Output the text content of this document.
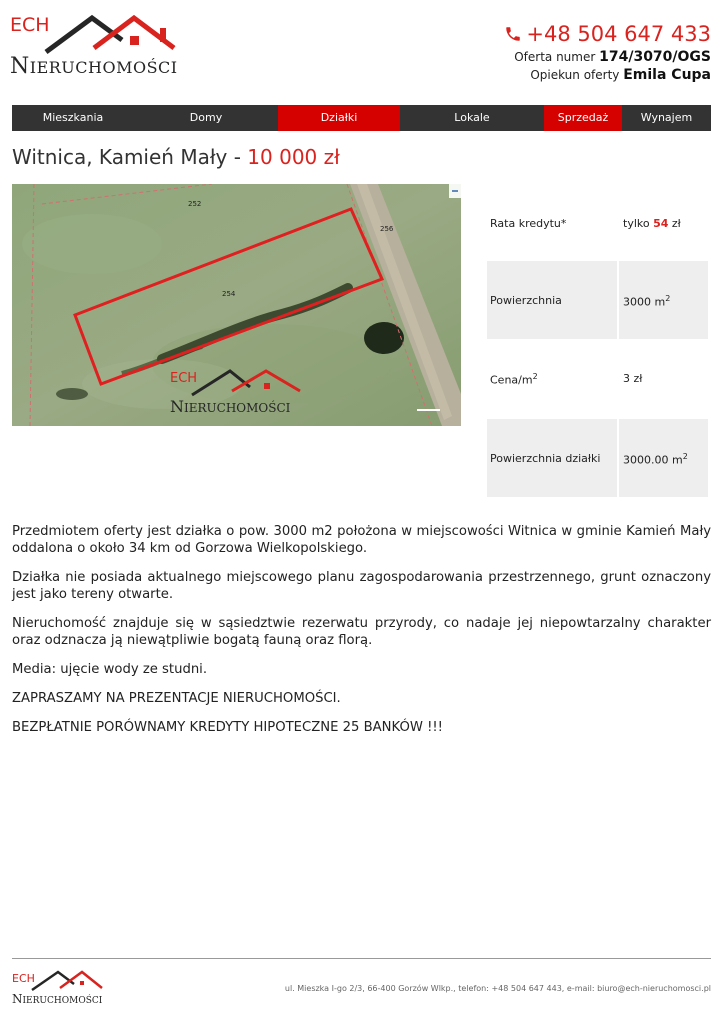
ECH
NIERUCHOMOŚCI
+48 504 647 433
Oferta numer 174/3070/OGS
Opiekun oferty Emila Cupa
Mieszkania	Domy	Działki	Lokale	Sprzedaż	Wynajem
Witnica, Kamień Mały - 10 000 zł
252
256
254
ECH
NIERUCHOMOŚCI
Rata kredytu*	tylko 54 zł
Powierzchnia	3000 $m^2$
Cena/$m^2$	3 zł
Powierzchnia działki	3000.00 $m^2$

Przedmiotem oferty jest działka o pow. 3000 m2 położona w miejscowości Witnica w gminie Kamień Mały oddalona o około 34 km od Gorzowa Wielkopolskiego.

Działka nie posiada aktualnego miejscowego planu zagospodarowania przestrzennego, grunt oznaczony jest jako tereny otwarte.

Nieruchomość znajduje się w sąsiedztwie rezerwatu przyrody, co nadaje jej niepowtarzalny charakter oraz odznacza ją niewątpliwie bogatą fauną oraz florą.

Media: ujęcie wody ze studni.

ZAPRASZAMY NA PREZENTACJE NIERUCHOMOŚCI.

BEZPŁATNIE PORÓWNAMY KREDYTY HIPOTECZNE 25 BANKÓW !!!

ECH
NIERUCHOMOŚCI
ul. Mieszka I-go 2/3, 66-400 Gorzów Wlkp., telefon: +48 504 647 443, e-mail: biuro@ech-nieruchomosci.pl
